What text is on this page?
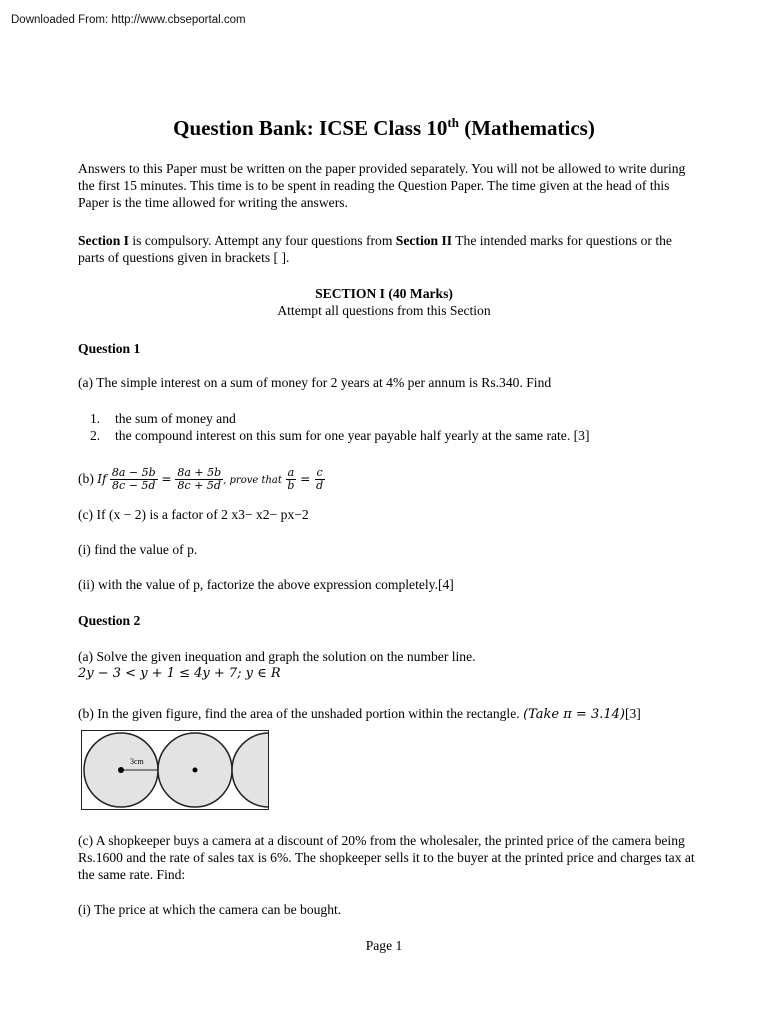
Downloaded From: http://www.cbseportal.com
Question Bank: ICSE Class 10th (Mathematics)
Answers to this Paper must be written on the paper provided separately. You will not be allowed to write during the first 15 minutes. This time is to be spent in reading the Question Paper. The time given at the head of this Paper is the time allowed for writing the answers.
Section I is compulsory. Attempt any four questions from Section II The intended marks for questions or the parts of questions given in brackets [ ].
SECTION I (40 Marks)
Attempt all questions from this Section
Question 1
(a) The simple interest on a sum of money for 2 years at 4% per annum is Rs.340. Find
1.	the sum of money and
2.	the compound interest on this sum for one year payable half yearly at the same rate. [3]
(b) If $\frac{8a - 5b}{8c - 5d} = \frac{8a + 5b}{8c + 5d}$ , prove that $\frac{a}{b} = \frac{c}{d}$
(c) If (x − 2) is a factor of 2 x3− x2− px−2
(i) find the value of p.
(ii) with the value of p, factorize the above expression completely.[4]
Question 2
(a) Solve the given inequation and graph the solution on the number line.
2y − 3 < y + 1 ≤ 4y + 7; y ∈ R
(b) In the given figure, find the area of the unshaded portion within the rectangle. (Take π = 3.14)[3]
3cm
(c) A shopkeeper buys a camera at a discount of 20% from the wholesaler, the printed price of the camera being Rs.1600 and the rate of sales tax is 6%. The shopkeeper sells it to the buyer at the printed price and charges tax at the same rate. Find:
(i) The price at which the camera can be bought.
Page 1
